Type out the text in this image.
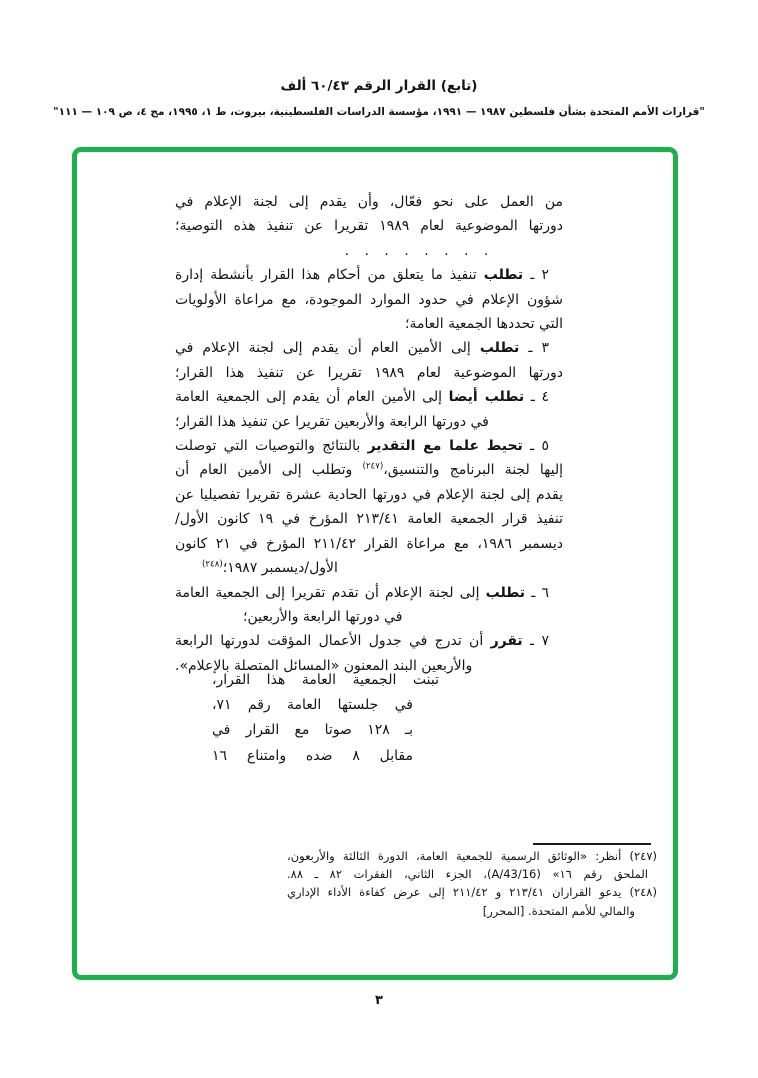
(تابع) القرار الرقم ٦٠/٤٣ ألف
"قرارات الأمم المتحدة بشأن فلسطين ١٩٨٧ — ١٩٩١، مؤسسة الدراسات الفلسطينية، بيروت، ط ١، ١٩٩٥، مج ٤، ص ١٠٩ — ١١١"
من العمل على نحو فعّال، وأن يقدم إلى لجنة الإعلام في
دورتها الموضوعية لعام ١٩٨٩ تقريرا عن تنفيذ هذه التوصية؛
. . . . . . . .
٢ ـ تطلب تنفيذ ما يتعلق من أحكام هذا القرار بأنشطة إدارة
شؤون الإعلام في حدود الموارد الموجودة، مع مراعاة الأولويات
التي تحددها الجمعية العامة؛
٣ ـ تطلب إلى الأمين العام أن يقدم إلى لجنة الإعلام في
دورتها الموضوعية لعام ١٩٨٩ تقريرا عن تنفيذ هذا القرار؛
٤ ـ تطلب أيضا إلى الأمين العام أن يقدم إلى الجمعية العامة
في دورتها الرابعة والأربعين تقريرا عن تنفيذ هذا القرار؛
٥ ـ تحيط علما مع التقدير بالنتائج والتوصيات التي توصلت
إليها لجنة البرنامج والتنسيق،$^{(٢٤٧)}$ وتطلب إلى الأمين العام أن
يقدم إلى لجنة الإعلام في دورتها الحادية عشرة تقريرا تفصيليا عن
تنفيذ قرار الجمعية العامة ٢١٣/٤١ المؤرخ في ١٩ كانون الأول/
ديسمبر ١٩٨٦، مع مراعاة القرار ٢١١/٤٢ المؤرخ في ٢١ كانون
الأول/ديسمبر ١٩٨٧؛$^{(٢٤٨)}$
٦ ـ تطلب إلى لجنة الإعلام أن تقدم تقريرا إلى الجمعية العامة
في دورتها الرابعة والأربعين؛
٧ ـ تقرر أن تدرج في جدول الأعمال المؤقت لدورتها الرابعة
والأربعين البند المعنون «المسائل المتصلة بالإعلام».
تبنت الجمعية العامة هذا القرار،
في جلستها العامة رقم ٧١،
بـ ١٢٨ صوتا مع القرار في
مقابل ٨ ضده وامتناع ١٦
(٢٤٧) أنظر: «الوثائق الرسمية للجمعية العامة، الدورة الثالثة والأربعون،
الملحق رقم ١٦» (A/43/16)، الجزء الثاني، الفقرات ٨٢ ـ ٨٨.
(٢٤٨) يدعو القراران ٢١٣/٤١ و ٢١١/٤٢ إلى عرض كفاءة الأداء الإداري
والمالي للأمم المتحدة. [المحرر]
٣
